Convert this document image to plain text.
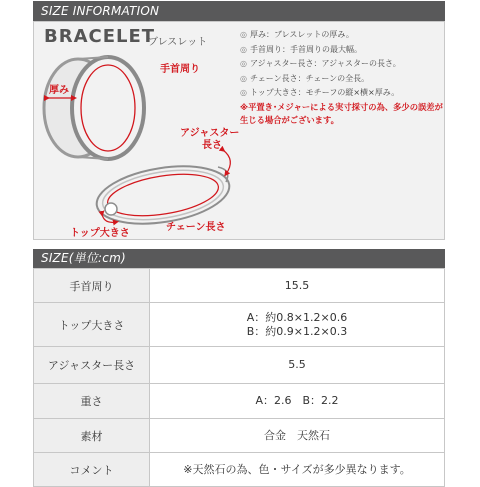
SIZE INFORMATION
BRACELET
ブレスレット
◎ 厚み：ブレスレットの厚み。
◎ 手首周り：手首周りの最大幅。
◎ アジャスター長さ：アジャスターの長さ。
◎ チェーン長さ：チェーンの全長。
◎ トップ大きさ：モチーフの縦×横×厚み。
※平置き･メジャーによる実寸採寸の為、多少の誤差が生じる場合がございます。
手首周り
厚み
アジャスター
長さ
チェーン長さ
トップ大きさ
SIZE(単位:cm)
手首周り	15.5

トップ大きさ	A：約0.8×1.2×0.6
B：約0.9×1.2×0.3

アジャスター長さ	5.5

重さ	A：2.6　B：2.2

素材	合金　天然石

コメント	※天然石の為、色・サイズが多少異なります。
